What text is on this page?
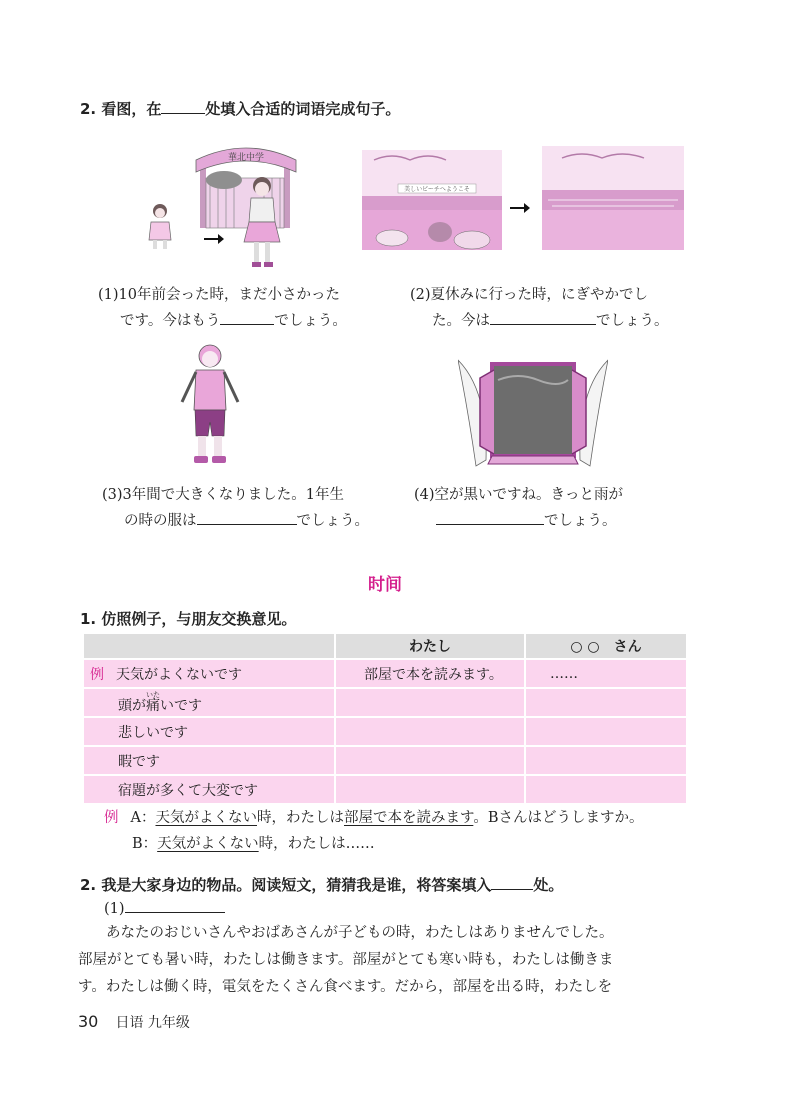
2. 看图，在	处填入合适的词语完成句子。
華北中学
美しいビーチへようこそ
(1)10年前会った時，まだ小さかった
です。今はもう	でしょう。
(2)夏休みに行った時，にぎやかでし
た。今は	でしょう。
(3)3年間で大きくなりました。1年生
の時の服は	でしょう。
(4)空が黒いですね。きっと雨が
でしょう。
时间
1. 仿照例子，与朋友交换意见。
	わたし	○ ○　さん
例 天気がよくないです	部屋で本を読みます。	……
頭が痛いたいです		
悲しいです		
暇です		
宿題が多くて大変です		
例 A：天気がよくない時，わたしは部屋で本を読みます。Bさんはどうしますか。
B：天気がよくない時，わたしは……
2. 我是大家身边的物品。阅读短文，猜猜我是谁，将答案填入	处。
(1)
あなたのおじいさんやおばあさんが子どもの時，わたしはありませんでした。
部屋がとても暑い時，わたしは働きます。部屋がとても寒い時も，わたしは働きま
す。わたしは働く時，電気をたくさん食べます。だから，部屋を出る時，わたしを
30 日语 九年级
